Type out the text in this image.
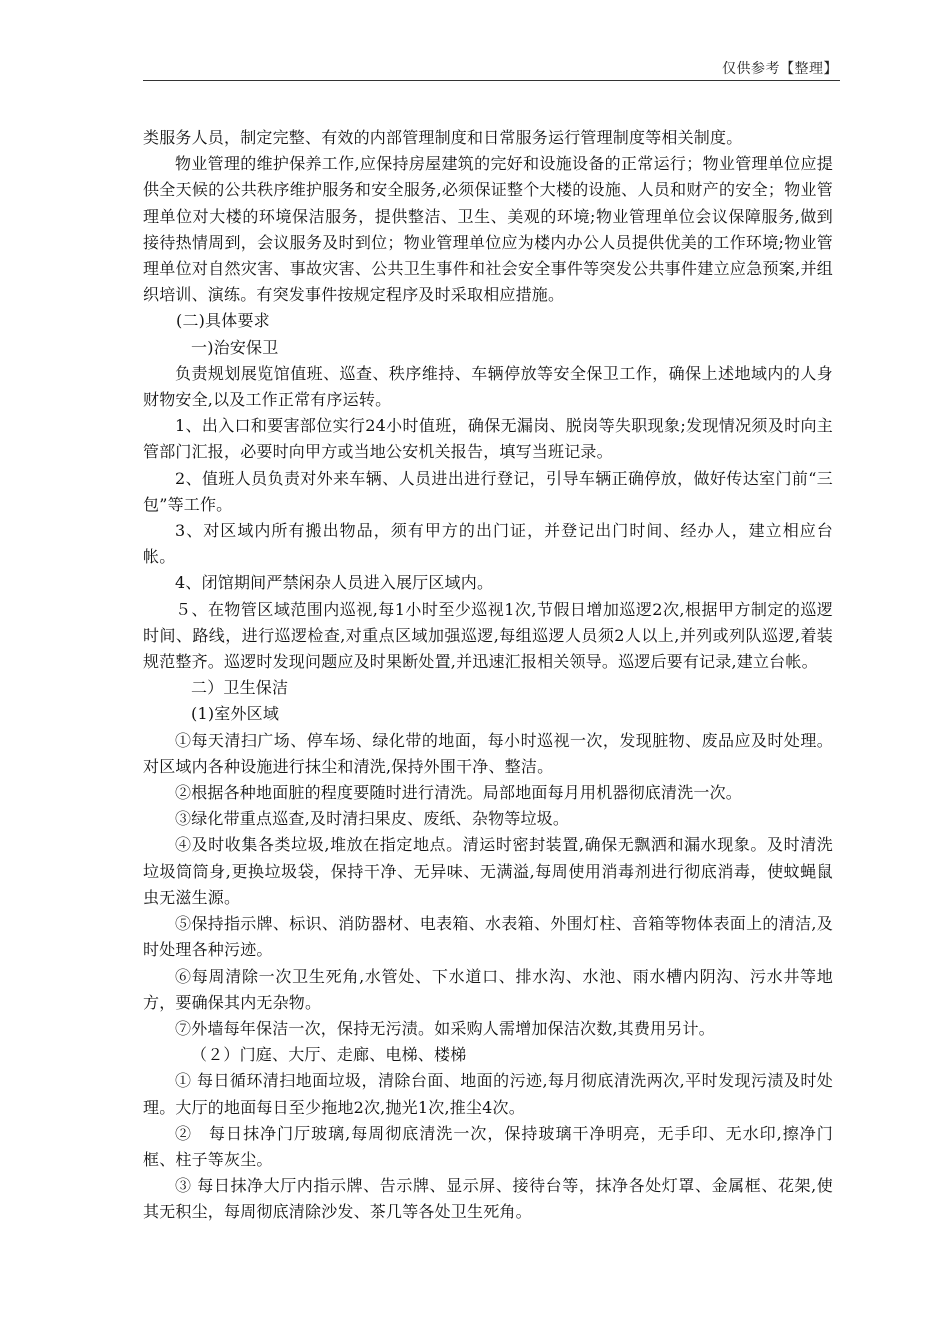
仅供参考【整理】

类服务人员，制定完整、有效的内部管理制度和日常服务运行管理制度等相关制度。

物业管理的维护保养工作,应保持房屋建筑的完好和设施设备的正常运行；物业管理单位应提供全天候的公共秩序维护服务和安全服务,必须保证整个大楼的设施、人员和财产的安全；物业管理单位对大楼的环境保洁服务，提供整洁、卫生、美观的环境;物业管理单位会议保障服务,做到接待热情周到，会议服务及时到位；物业管理单位应为楼内办公人员提供优美的工作环境;物业管理单位对自然灾害、事故灾害、公共卫生事件和社会安全事件等突发公共事件建立应急预案,并组织培训、演练。有突发事件按规定程序及时采取相应措施。

(二)具体要求

一)治安保卫

负责规划展览馆值班、巡查、秩序维持、车辆停放等安全保卫工作，确保上述地域内的人身财物安全,以及工作正常有序运转。

1、出入口和要害部位实行24小时值班，确保无漏岗、脱岗等失职现象;发现情况须及时向主管部门汇报，必要时向甲方或当地公安机关报告，填写当班记录。

2、值班人员负责对外来车辆、人员进出进行登记，引导车辆正确停放，做好传达室门前“三包”等工作。

3、对区域内所有搬出物品，须有甲方的出门证，并登记出门时间、经办人，建立相应台帐。

4、闭馆期间严禁闲杂人员进入展厅区域内。

５、在物管区域范围内巡视,每1小时至少巡视1次,节假日增加巡逻2次,根据甲方制定的巡逻时间、路线，进行巡逻检查,对重点区域加强巡逻,每组巡逻人员须2人以上,并列或列队巡逻,着装规范整齐。巡逻时发现问题应及时果断处置,并迅速汇报相关领导。巡逻后要有记录,建立台帐。

二）卫生保洁

(1)室外区域

①每天清扫广场、停车场、绿化带的地面，每小时巡视一次，发现脏物、废品应及时处理。对区域内各种设施进行抹尘和清洗,保持外围干净、整洁。

②根据各种地面脏的程度要随时进行清洗。局部地面每月用机器彻底清洗一次。

③绿化带重点巡查,及时清扫果皮、废纸、杂物等垃圾。

④及时收集各类垃圾,堆放在指定地点。清运时密封装置,确保无飘洒和漏水现象。及时清洗垃圾筒筒身,更换垃圾袋，保持干净、无异味、无满溢,每周使用消毒剂进行彻底消毒，使蚊蝇鼠虫无滋生源。

⑤保持指示牌、标识、消防器材、电表箱、水表箱、外围灯柱、音箱等物体表面上的清洁,及时处理各种污迹。

⑥每周清除一次卫生死角,水管处、下水道口、排水沟、水池、雨水槽内阴沟、污水井等地方，要确保其内无杂物。

⑦外墙每年保洁一次，保持无污渍。如采购人需增加保洁次数,其费用另计。

（２）门庭、大厅、走廊、电梯、楼梯

① 每日循环清扫地面垃圾，清除台面、地面的污迹,每月彻底清洗两次,平时发现污渍及时处理。大厅的地面每日至少拖地2次,抛光1次,推尘4次。

②　每日抹净门厅玻璃,每周彻底清洗一次，保持玻璃干净明亮，无手印、无水印,擦净门框、柱子等灰尘。

③ 每日抹净大厅内指示牌、告示牌、显示屏、接待台等，抹净各处灯罩、金属框、花架,使其无积尘，每周彻底清除沙发、茶几等各处卫生死角。
